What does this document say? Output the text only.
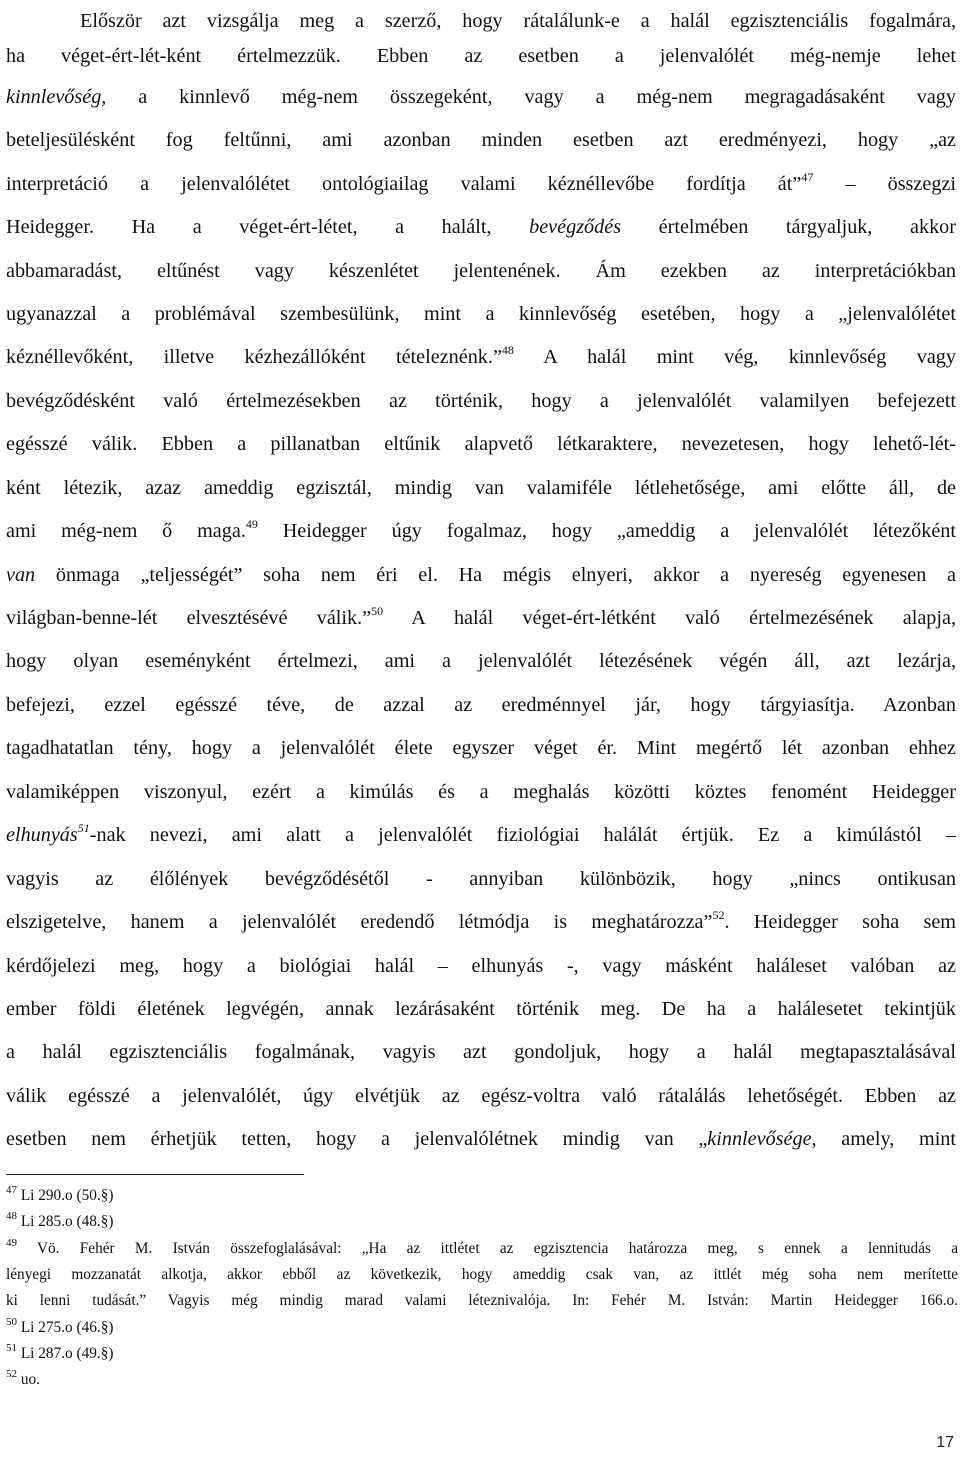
Először azt vizsgálja meg a szerző, hogy rátalálunk-e a halál egzisztenciális fogalmára,
ha véget-ért-lét-ként értelmezzük. Ebben az esetben a jelenvalólét még-nemje lehet
kinnlevőség, a kinnlevő még-nem összegeként, vagy a még-nem megragadásaként vagy
beteljesülésként fog feltűnni, ami azonban minden esetben azt eredményezi, hogy „az
interpretáció a jelenvalólétet ontológiailag valami kéznéllevőbe fordítja át”$^{47}$ – összegzi
Heidegger. Ha a véget-ért-létet, a halált, bevégződés értelmében tárgyaljuk, akkor
abbamaradást, eltűnést vagy készenlétet jelentenének. Ám ezekben az interpretációkban
ugyanazzal a problémával szembesülünk, mint a kinnlevőség esetében, hogy a „jelenvalólétet
kéznéllevőként, illetve kézhezállóként tételeznénk.”$^{48}$ A halál mint vég, kinnlevőség vagy
bevégződésként való értelmezésekben az történik, hogy a jelenvalólét valamilyen befejezett
egésszé válik. Ebben a pillanatban eltűnik alapvető létkaraktere, nevezetesen, hogy lehető-lét-
ként létezik, azaz ameddig egzisztál, mindig van valamiféle létlehetősége, ami előtte áll, de
ami még-nem ő maga.$^{49}$ Heidegger úgy fogalmaz, hogy „ameddig a jelenvalólét létezőként
van önmaga „teljességét” soha nem éri el. Ha mégis elnyeri, akkor a nyereség egyenesen a
világban-benne-lét elvesztésévé válik.”$^{50}$ A halál véget-ért-létként való értelmezésének alapja,
hogy olyan eseményként értelmezi, ami a jelenvalólét létezésének végén áll, azt lezárja,
befejezi, ezzel egésszé téve, de azzal az eredménnyel jár, hogy tárgyiasítja. Azonban
tagadhatatlan tény, hogy a jelenvalólét élete egyszer véget ér. Mint megértő lét azonban ehhez
valamiképpen viszonyul, ezért a kimúlás és a meghalás közötti köztes fenomént Heidegger
elhunyás$^{51}$-nak nevezi, ami alatt a jelenvalólét fiziológiai halálát értjük. Ez a kimúlástól –
vagyis az élőlények bevégződésétől - annyiban különbözik, hogy „nincs ontikusan
elszigetelve, hanem a jelenvalólét eredendő létmódja is meghatározza”$^{52}$. Heidegger soha sem
kérdőjelezi meg, hogy a biológiai halál – elhunyás -, vagy másként haláleset valóban az
ember földi életének legvégén, annak lezárásaként történik meg. De ha a halálesetet tekintjük
a halál egzisztenciális fogalmának, vagyis azt gondoljuk, hogy a halál megtapasztalásával
válik egésszé a jelenvalólét, úgy elvétjük az egész-voltra való rátalálás lehetőségét. Ebben az
esetben nem érhetjük tetten, hogy a jelenvalólétnek mindig van „kinnlevősége, amely, mint
$^{47}$ Li 290.o (50.§)
$^{48}$ Li 285.o (48.§)
$^{49}$ Vö. Fehér M. István összefoglalásával: „Ha az ittlétet az egzisztencia határozza meg, s ennek a lennitudás a
lényegi mozzanatát alkotja, akkor ebből az következik, hogy ameddig csak van, az ittlét még soha nem merítette
ki lenni tudását.” Vagyis még mindig marad valami léteznivalója. In: Fehér M. István: Martin Heidegger 166.o.
$^{50}$ Li 275.o (46.§)
$^{51}$ Li 287.o (49.§)
$^{52}$ uo.
17
